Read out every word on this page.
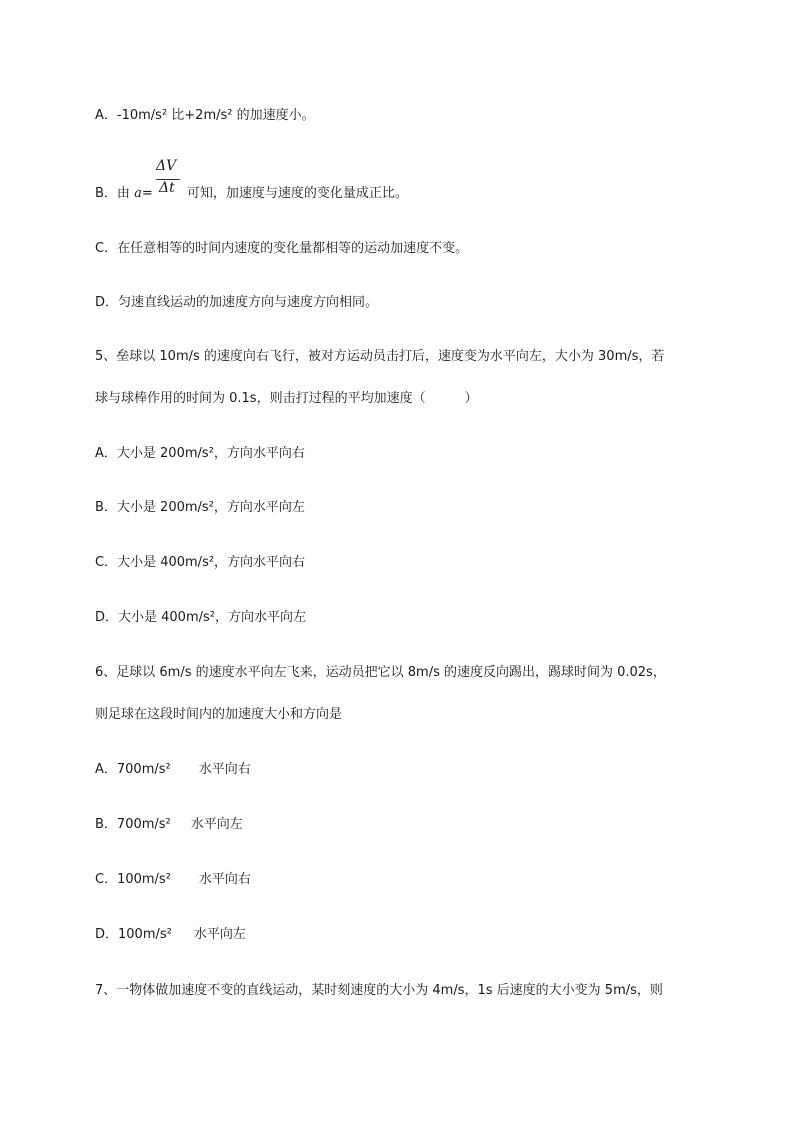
A．-10m/s² 比+2m/s² 的加速度小。
ΔV
Δt
B．由 a= 可知，加速度与速度的变化量成正比。
C．在任意相等的时间内速度的变化量都相等的运动加速度不变。
D．匀速直线运动的加速度方向与速度方向相同。
5、垒球以 10m/s 的速度向右飞行，被对方运动员击打后，速度变为水平向左，大小为 30m/s，若
球与球棒作用的时间为 0.1s，则击打过程的平均加速度（　　　）
A．大小是 200m/s²，方向水平向右
B．大小是 200m/s²，方向水平向左
C．大小是 400m/s²，方向水平向右
D．大小是 400m/s²，方向水平向左
6、足球以 6m/s 的速度水平向左飞来，运动员把它以 8m/s 的速度反向踢出，踢球时间为 0.02s，
则足球在这段时间内的加速度大小和方向是
A．700m/s² 水平向右
B．700m/s² 水平向左
C．100m/s² 水平向右
D．100m/s² 水平向左
7、一物体做加速度不变的直线运动，某时刻速度的大小为 4m/s，1s 后速度的大小变为 5m/s，则
